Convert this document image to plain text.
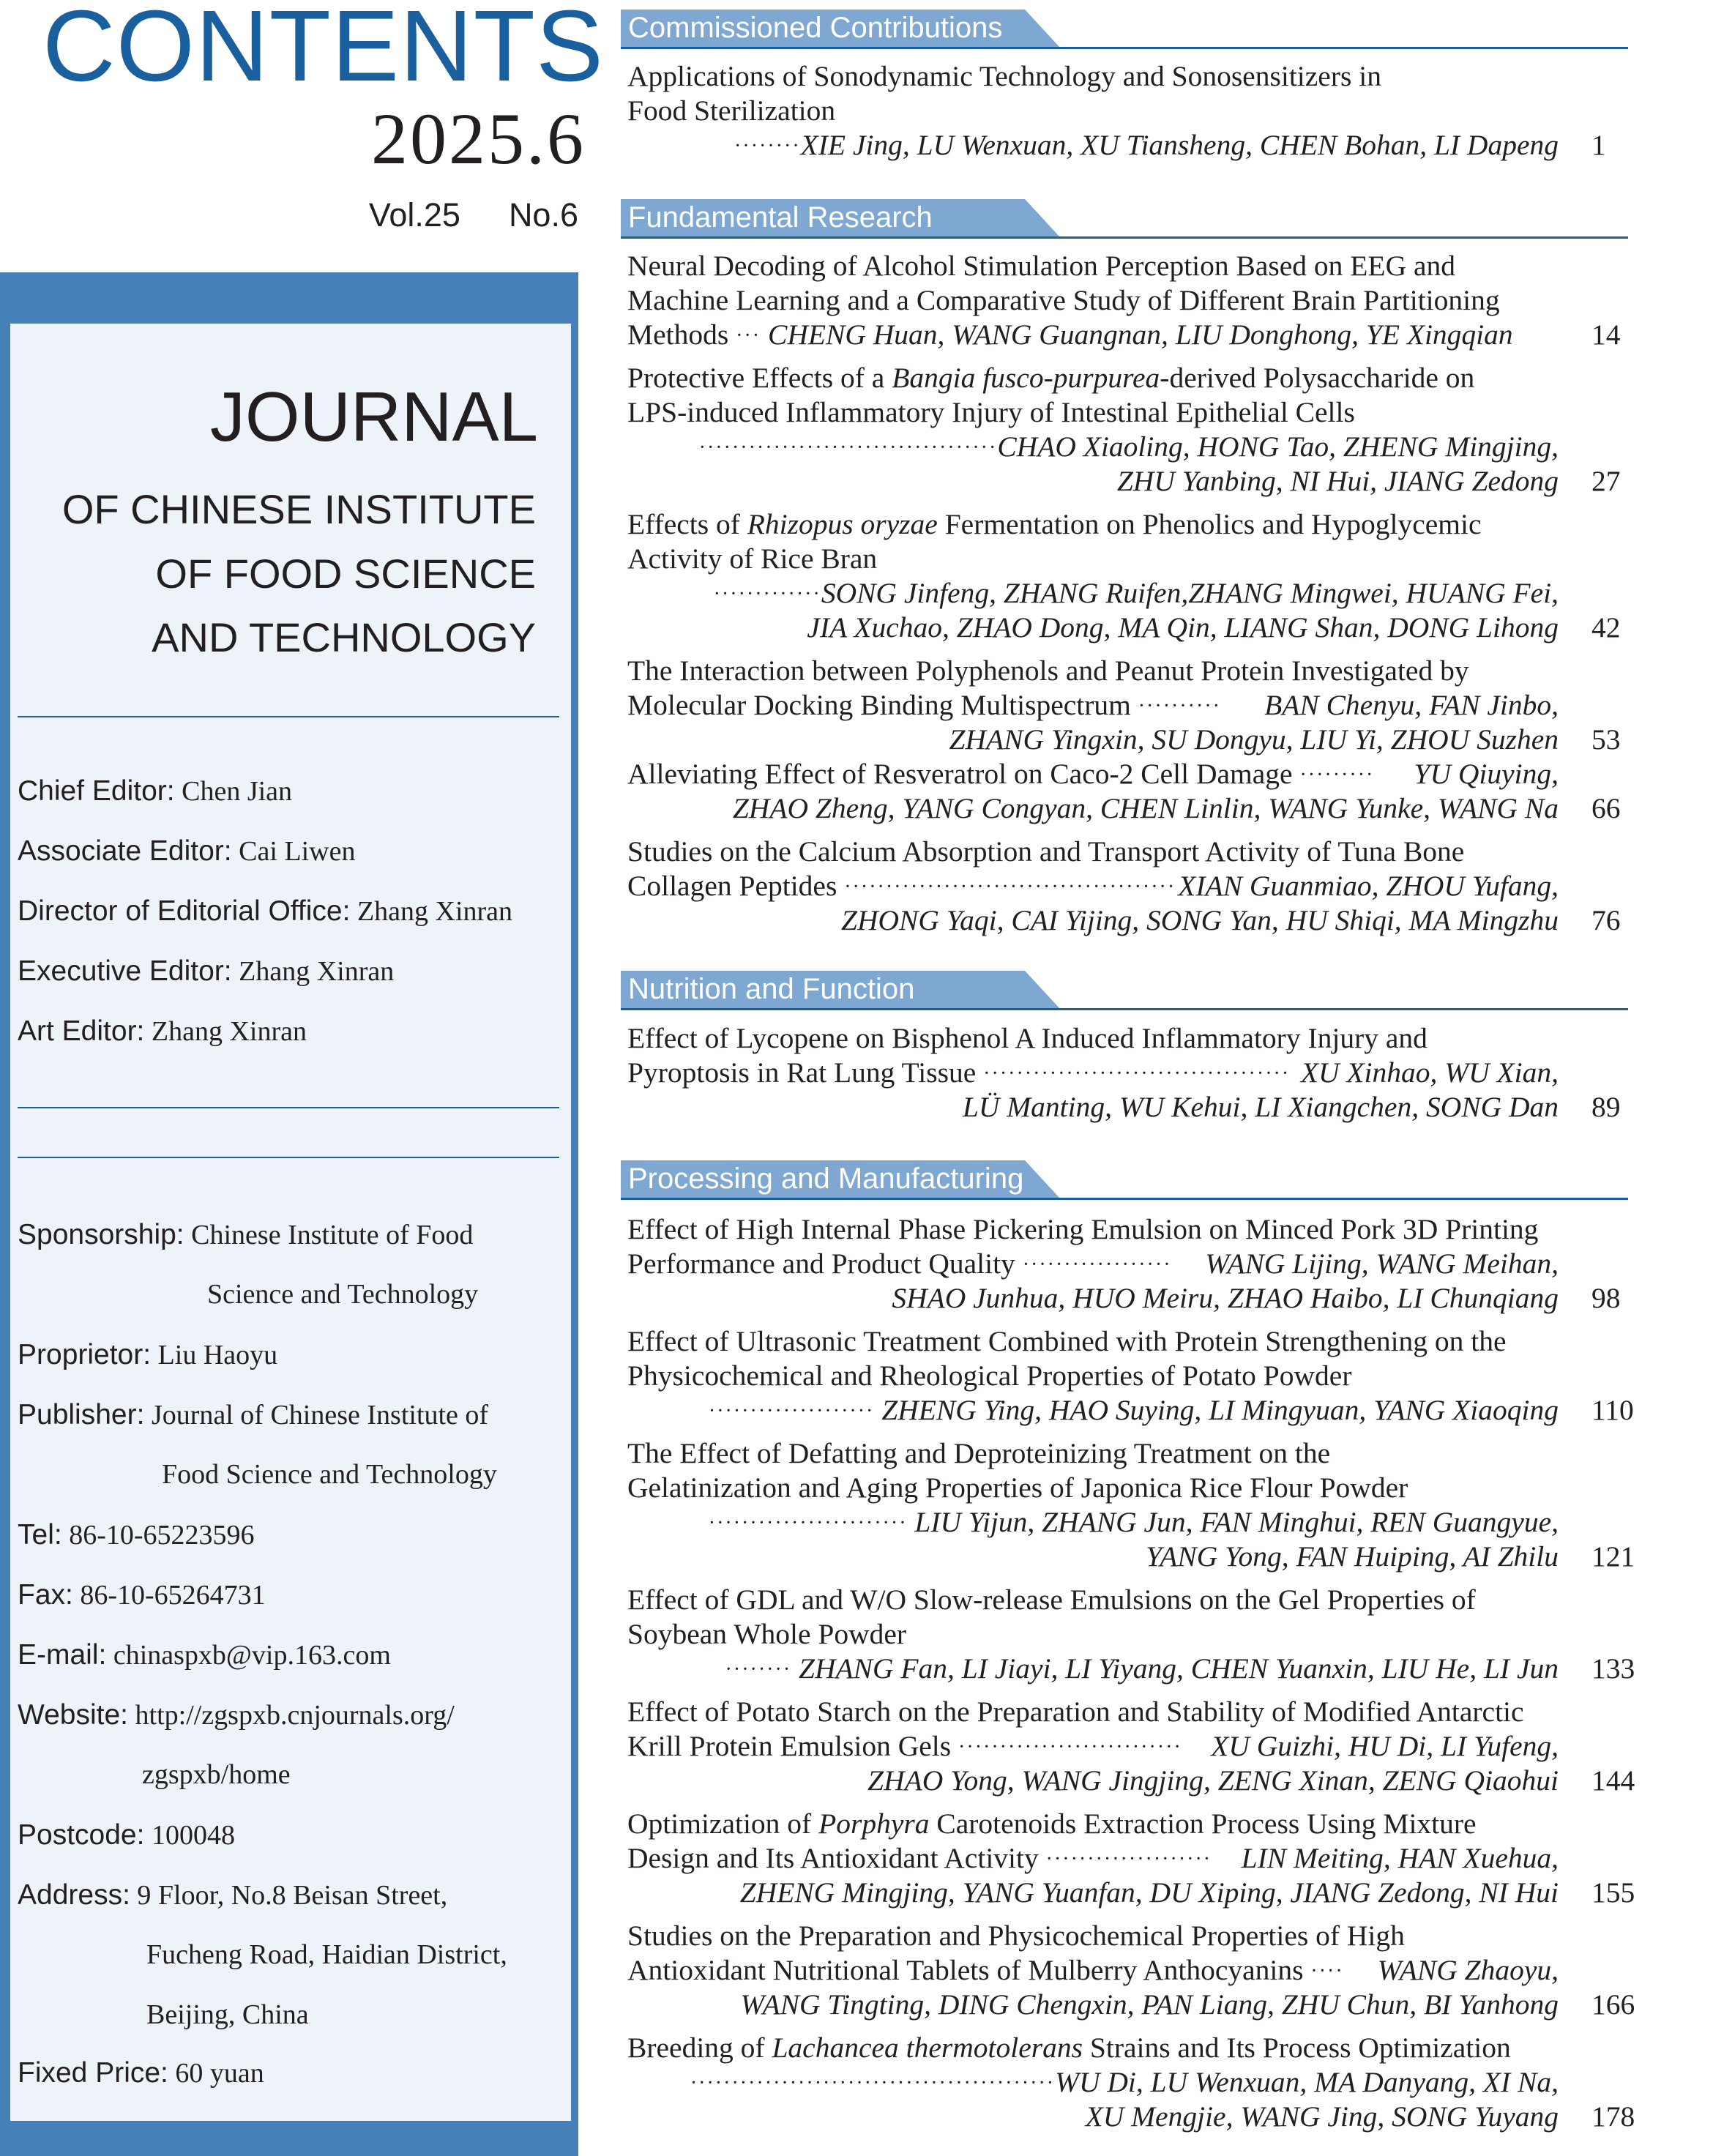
CONTENTS
2025.6
Vol.25 No.6
JOURNAL
OF CHINESE INSTITUTE
OF FOOD SCIENCE
AND TECHNOLOGY
Chief Editor: Chen Jian
Associate Editor: Cai Liwen
Director of Editorial Office: Zhang Xinran
Executive Editor: Zhang Xinran
Art Editor: Zhang Xinran
Sponsorship: Chinese Institute of Food
Science and Technology
Proprietor: Liu Haoyu
Publisher: Journal of Chinese Institute of
Food Science and Technology
Tel: 86-10-65223596
Fax: 86-10-65264731
E-mail: chinaspxb@vip.163.com
Website: http://zgspxb.cnjournals.org/
zgspxb/home
Postcode: 100048
Address: 9 Floor, No.8 Beisan Street,
Fucheng Road, Haidian District,
Beijing, China
Fixed Price: 60 yuan
Commissioned Contributions
Applications of Sonodynamic Technology and Sonosensitizers in
Food Sterilization
········XIE Jing, LU Wenxuan, XU Tiansheng, CHEN Bohan, LI Dapeng 1
Fundamental Research
Neural Decoding of Alcohol Stimulation Perception Based on EEG and
Machine Learning and a Comparative Study of Different Brain Partitioning
Methods ··· CHENG Huan, WANG Guangnan, LIU Donghong, YE Xingqian	14
Protective Effects of a Bangia fusco-purpurea-derived Polysaccharide on
LPS-induced Inflammatory Injury of Intestinal Epithelial Cells
····································CHAO Xiaoling, HONG Tao, ZHENG Mingjing,
ZHU Yanbing, NI Hui, JIANG Zedong 27
Effects of Rhizopus oryzae Fermentation on Phenolics and Hypoglycemic
Activity of Rice Bran
·············SONG Jinfeng, ZHANG Ruifen,ZHANG Mingwei, HUANG Fei,
JIA Xuchao, ZHAO Dong, MA Qin, LIANG Shan, DONG Lihong 42
The Interaction between Polyphenols and Peanut Protein Investigated by
Molecular Docking Binding Multispectrum ·········· BAN Chenyu, FAN Jinbo,
ZHANG Yingxin, SU Dongyu, LIU Yi, ZHOU Suzhen 53
Alleviating Effect of Resveratrol on Caco-2 Cell Damage ········· YU Qiuying,
ZHAO Zheng, YANG Congyan, CHEN Linlin, WANG Yunke, WANG Na 66
Studies on the Calcium Absorption and Transport Activity of Tuna Bone
Collagen Peptides ········································ XIAN Guanmiao, ZHOU Yufang,
ZHONG Yaqi, CAI Yijing, SONG Yan, HU Shiqi, MA Mingzhu 76
Nutrition and Function
Effect of Lycopene on Bisphenol A Induced Inflammatory Injury and
Pyroptosis in Rat Lung Tissue ····································· XU Xinhao, WU Xian,
LÜ Manting, WU Kehui, LI Xiangchen, SONG Dan 89
Processing and Manufacturing
Effect of High Internal Phase Pickering Emulsion on Minced Pork 3D Printing
Performance and Product Quality ·················· WANG Lijing, WANG Meihan,
SHAO Junhua, HUO Meiru, ZHAO Haibo, LI Chunqiang 98
Effect of Ultrasonic Treatment Combined with Protein Strengthening on the
Physicochemical and Rheological Properties of Potato Powder
···················· ZHENG Ying, HAO Suying, LI Mingyuan, YANG Xiaoqing 110
The Effect of Defatting and Deproteinizing Treatment on the
Gelatinization and Aging Properties of Japonica Rice Flour Powder
························ LIU Yijun, ZHANG Jun, FAN Minghui, REN Guangyue,
YANG Yong, FAN Huiping, AI Zhilu 121
Effect of GDL and W/O Slow-release Emulsions on the Gel Properties of
Soybean Whole Powder
········ ZHANG Fan, LI Jiayi, LI Yiyang, CHEN Yuanxin, LIU He, LI Jun 133
Effect of Potato Starch on the Preparation and Stability of Modified Antarctic
Krill Protein Emulsion Gels ··························· XU Guizhi, HU Di, LI Yufeng,
ZHAO Yong, WANG Jingjing, ZENG Xinan, ZENG Qiaohui 144
Optimization of Porphyra Carotenoids Extraction Process Using Mixture
Design and Its Antioxidant Activity ···················· LIN Meiting, HAN Xuehua,
ZHENG Mingjing, YANG Yuanfan, DU Xiping, JIANG Zedong, NI Hui 155
Studies on the Preparation and Physicochemical Properties of High
Antioxidant Nutritional Tablets of Mulberry Anthocyanins ···· WANG Zhaoyu,
WANG Tingting, DING Chengxin, PAN Liang, ZHU Chun, BI Yanhong 166
Breeding of Lachancea thermotolerans Strains and Its Process Optimization
············································WU Di, LU Wenxuan, MA Danyang, XI Na,
XU Mengjie, WANG Jing, SONG Yuyang 178
